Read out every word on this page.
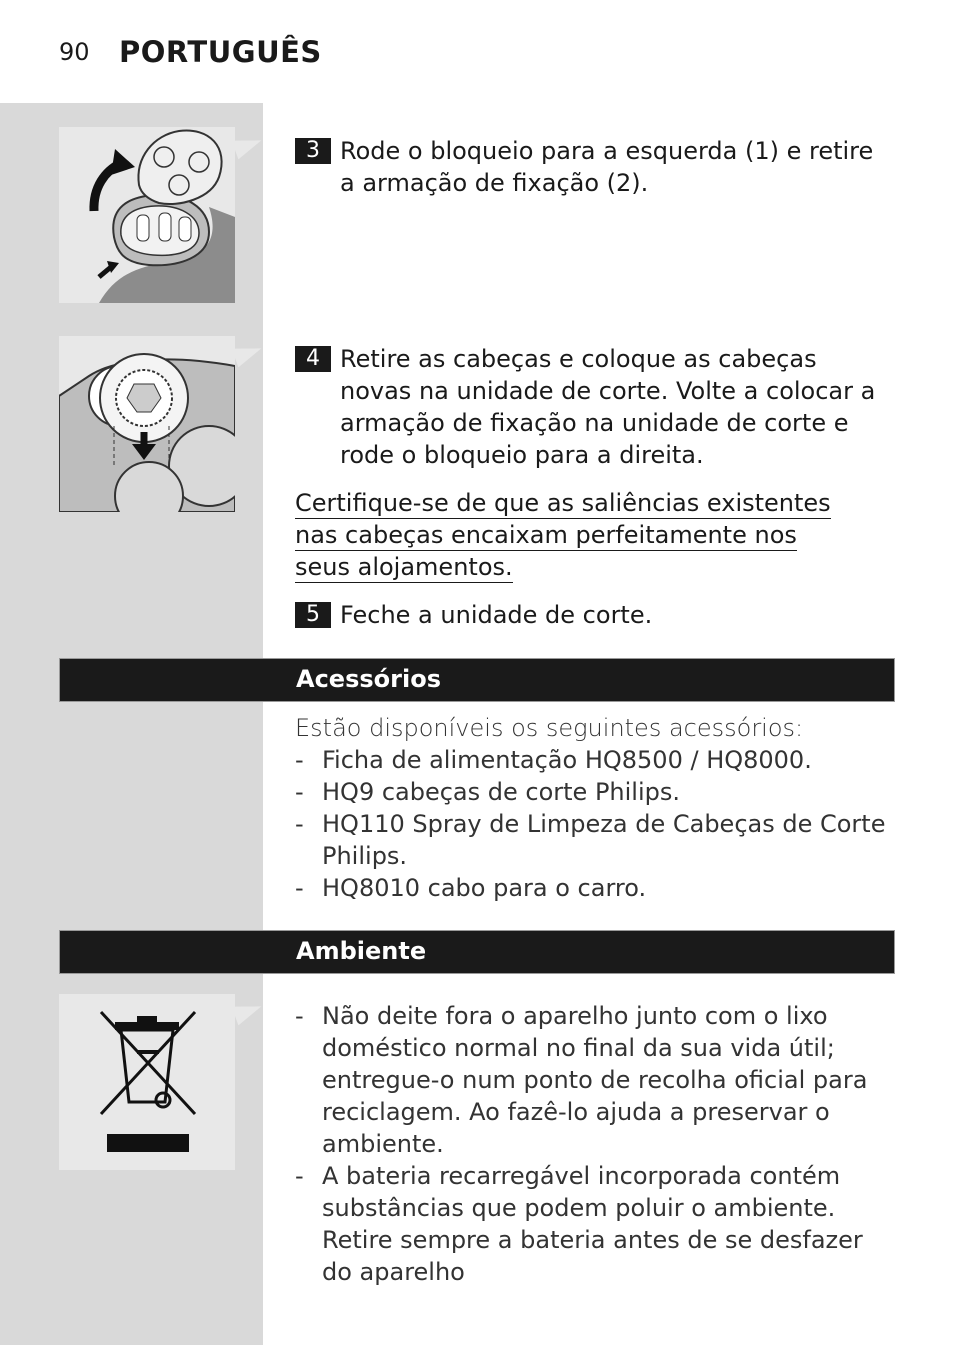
90 PORTUGUÊS
3 Rode o bloqueio para a esquerda (1) e retire a armação de fixação (2).
4 Retire as cabeças e coloque as cabeças novas na unidade de corte. Volte a colocar a armação de fixação na unidade de corte e rode o bloqueio para a direita.
Certifique-se de que as saliências existentes nas cabeças encaixam perfeitamente nos seus alojamentos.
5 Feche a unidade de corte.
Acessórios
Estão disponíveis os seguintes acessórios:
- Ficha de alimentação HQ8500 / HQ8000.
- HQ9 cabeças de corte Philips.
- HQ110 Spray de Limpeza de Cabeças de Corte Philips.
- HQ8010 cabo para o carro.
Ambiente
- Não deite fora o aparelho junto com o lixo doméstico normal no final da sua vida útil; entregue-o num ponto de recolha oficial para reciclagem. Ao fazê-lo ajuda a preservar o ambiente.
- A bateria recarregável incorporada contém substâncias que podem poluir o ambiente. Retire sempre a bateria antes de se desfazer do aparelho
